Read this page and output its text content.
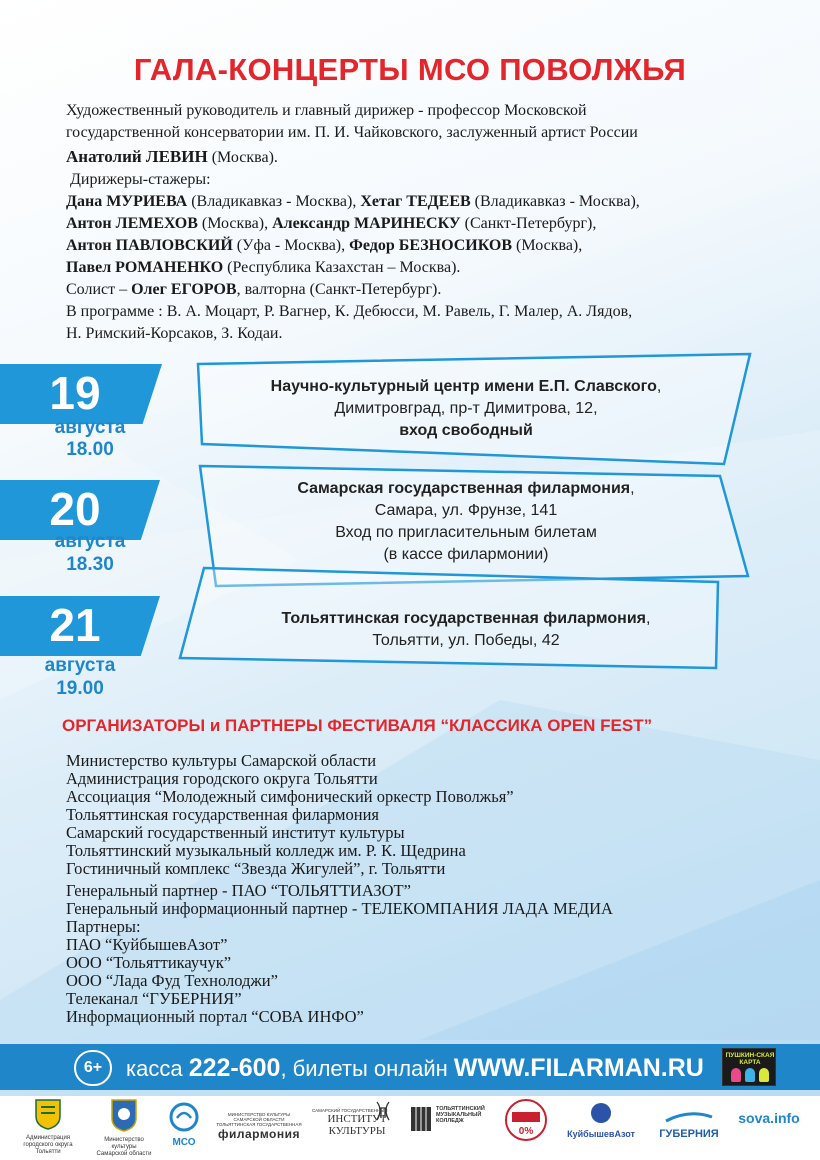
ГАЛА-КОНЦЕРТЫ МСО ПОВОЛЖЬЯ
Художественный руководитель и главный дирижер - профессор Московской
государственной консерватории им. П. И. Чайковского, заслуженный артист России
Анатолий ЛЕВИН (Москва).
Дирижеры-стажеры:
Дана МУРИЕВА (Владикавказ - Москва), Хетаг ТЕДЕЕВ (Владикавказ - Москва),
Антон ЛЕМЕХОВ (Москва), Александр МАРИНЕСКУ (Санкт-Петербург),
Антон ПАВЛОВСКИЙ (Уфа - Москва), Федор БЕЗНОСИКОВ (Москва),
Павел РОМАНЕНКО (Республика Казахстан – Москва).
Солист – Олег ЕГОРОВ, валторна (Санкт-Петербург).
В программе : В. А. Моцарт, Р. Вагнер, К. Дебюсси, М. Равель, Г. Малер, А. Лядов,
Н. Римский-Корсаков, З. Кодаи.
19
августа
18.00
Научно-культурный центр имени Е.П. Славского,
Димитровград, пр-т Димитрова, 12,
вход свободный
20
августа
18.30
Самарская государственная филармония,
Самара, ул. Фрунзе, 141
Вход по пригласительным билетам
(в кассе филармонии)
21
августа
19.00
Тольяттинская государственная филармония,
Тольятти, ул. Победы, 42
ОРГАНИЗАТОРЫ и ПАРТНЕРЫ ФЕСТИВАЛЯ “КЛАССИКА OPEN FEST”
Министерство культуры Самарской области
Администрация городского округа Тольятти
Ассоциация “Молодежный симфонический оркестр Поволжья”
Тольяттинская государственная филармония
Самарский государственный институт культуры
Тольяттинский музыкальный колледж им. Р. К. Щедрина
Гостиничный комплекс “Звезда Жигулей”, г. Тольятти
Генеральный партнер - ПАО “ТОЛЬЯТТИАЗОТ”
Генеральный информационный партнер - ТЕЛЕКОМПАНИЯ ЛАДА МЕДИА
Партнеры:
ПАО “КуйбышевАзот”
ООО “Тольяттикаучук”
ООО “Лада Фуд Технолоджи”
Телеканал “ГУБЕРНИЯ”
Информационный портал “СОВА ИНФО”
6+	касса 222-600, билеты онлайн WWW.FILARMAN.RU	ПУШКИН-СКАЯ КАРТА
Администрация городского округа Тольятти
Министерство культуры
Самарской области
МСО
МИНИСТЕРСТВО КУЛЬТУРЫ САМАРСКОЙ ОБЛАСТИ ТОЛЬЯТТИНСКАЯ ГОСУДАРСТВЕННАЯ
филармония
САМАРСКИЙ ГОСУДАРСТВЕННЫЙ
ИНСТИТУТ КУЛЬТУРЫ
ТОЛЬЯТТИНСКИЙ МУЗЫКАЛЬНЫЙ КОЛЛЕДЖ
0%	КуйбышевАзот	ГУБЕРНИЯ
sova.info
